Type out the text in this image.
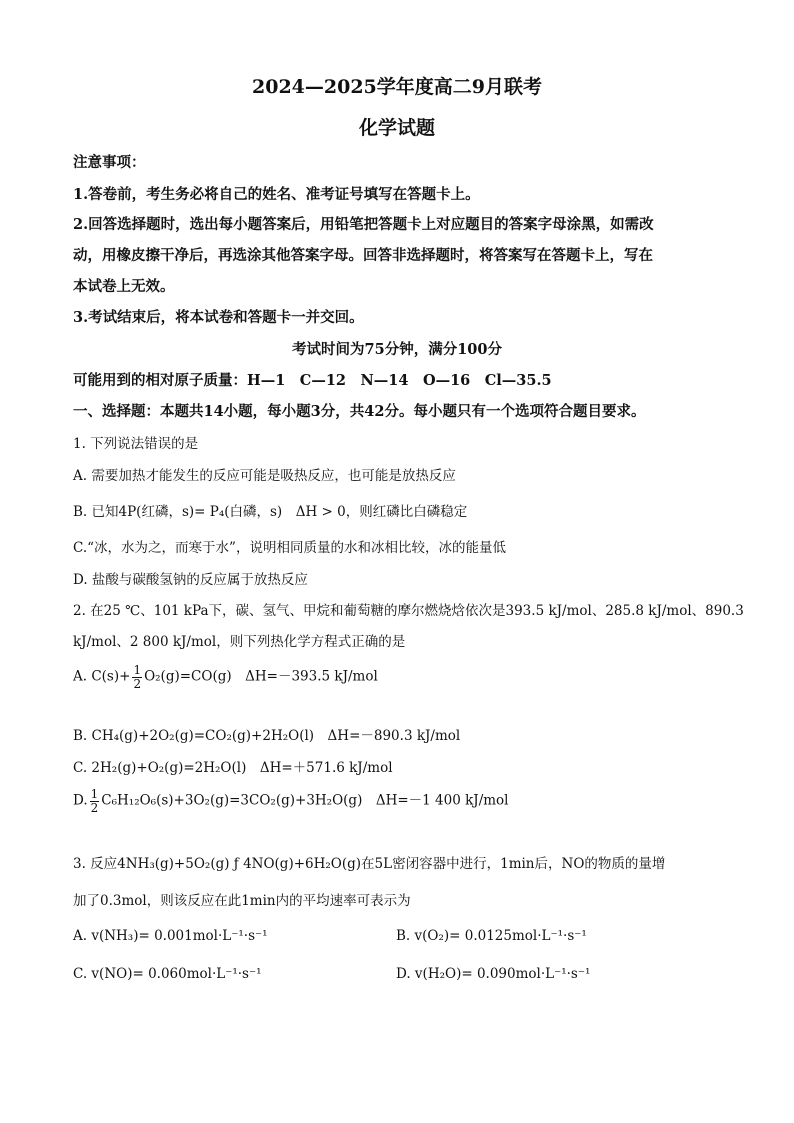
2024—2025学年度高二9月联考
化学试题
注意事项：
1.答卷前，考生务必将自己的姓名、准考证号填写在答题卡上。
2.回答选择题时，选出每小题答案后，用铅笔把答题卡上对应题目的答案字母涂黑，如需改
动，用橡皮擦干净后，再选涂其他答案字母。回答非选择题时，将答案写在答题卡上，写在
本试卷上无效。
3.考试结束后，将本试卷和答题卡一并交回。
考试时间为75分钟，满分100分
可能用到的相对原子质量：H—1　C—12　N—14　O—16　Cl—35.5
一、选择题：本题共14小题，每小题3分，共42分。每小题只有一个选项符合题目要求。
1. 下列说法错误的是
A. 需要加热才能发生的反应可能是吸热反应，也可能是放热反应
B. 已知4P(红磷，s)= P₄(白磷，s)　ΔH > 0，则红磷比白磷稳定
C.“冰，水为之，而寒于水”，说明相同质量的水和冰相比较，冰的能量低
D. 盐酸与碳酸氢钠的反应属于放热反应
2. 在25 ℃、101 kPa下，碳、氢气、甲烷和葡萄糖的摩尔燃烧焓依次是393.5 kJ/mol、285.8 kJ/mol、890.3
kJ/mol、2 800 kJ/mol，则下列热化学方程式正确的是
A. $C(s)+ \frac{1}{2} O_2(g)=CO(g)$　ΔH=－393.5 kJ/mol
B. CH₄(g)+2O₂(g)=CO₂(g)+2H₂O(l)　ΔH=－890.3 kJ/mol
C. 2H₂(g)+O₂(g)=2H₂O(l)　ΔH=＋571.6 kJ/mol
D. $\frac{1}{2} C_6H_{12}O_6(s)+3O_2(g)=3CO_2(g)+3H_2O(g)$　ΔH=－1 400 kJ/mol
3. 反应4NH₃(g)+5O₂(g) ƒ 4NO(g)+6H₂O(g)在5L密闭容器中进行，1min后，NO的物质的量增
加了0.3mol，则该反应在此1min内的平均速率可表示为
A. v(NH₃)= 0.001mol·L⁻¹·s⁻¹	B. v(O₂)= 0.0125mol·L⁻¹·s⁻¹
C. v(NO)= 0.060mol·L⁻¹·s⁻¹	D. v(H₂O)= 0.090mol·L⁻¹·s⁻¹
